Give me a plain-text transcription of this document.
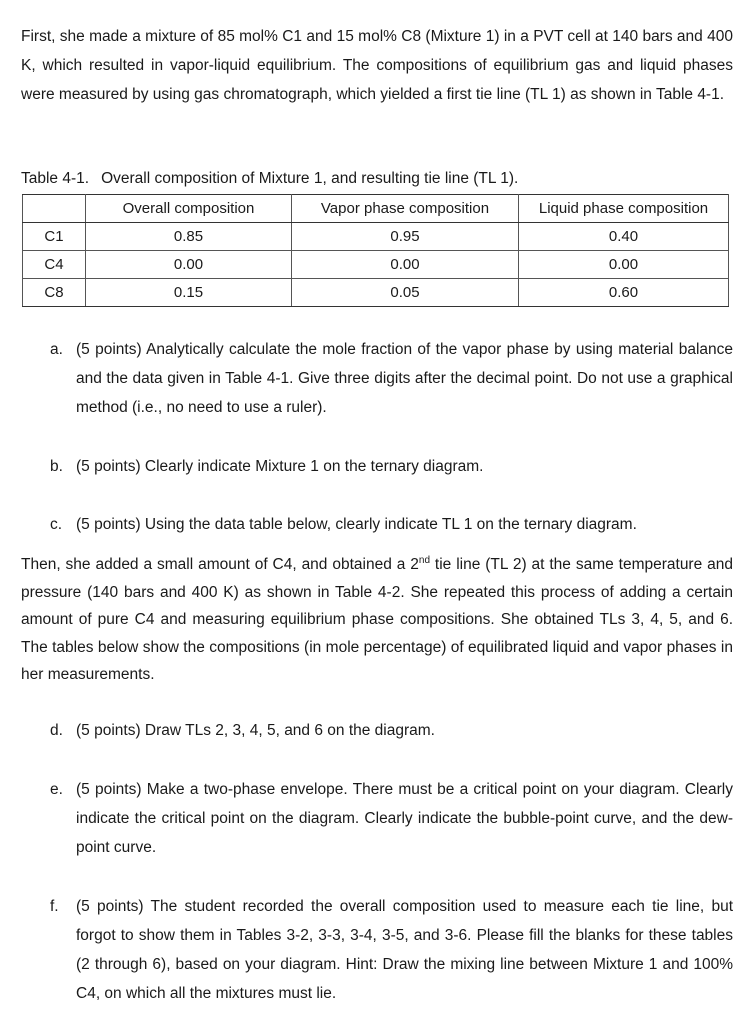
First, she made a mixture of 85 mol% C1 and 15 mol% C8 (Mixture 1) in a PVT cell at 140 bars and 400 K, which resulted in vapor-liquid equilibrium. The compositions of equilibrium gas and liquid phases were measured by using gas chromatograph, which yielded a first tie line (TL 1) as shown in Table 4-1.

Table 4-1. Overall composition of Mixture 1, and resulting tie line (TL 1).

	Overall composition	Vapor phase composition	Liquid phase composition
C1	0.85	0.95	0.40
C4	0.00	0.00	0.00
C8	0.15	0.05	0.60
a. (5 points) Analytically calculate the mole fraction of the vapor phase by using material balance and the data given in Table 4-1. Give three digits after the decimal point. Do not use a graphical method (i.e., no need to use a ruler).
b. (5 points) Clearly indicate Mixture 1 on the ternary diagram.
c. (5 points) Using the data table below, clearly indicate TL 1 on the ternary diagram.

Then, she added a small amount of C4, and obtained a 2nd tie line (TL 2) at the same temperature and pressure (140 bars and 400 K) as shown in Table 4-2. She repeated this process of adding a certain amount of pure C4 and measuring equilibrium phase compositions. She obtained TLs 3, 4, 5, and 6. The tables below show the compositions (in mole percentage) of equilibrated liquid and vapor phases in her measurements.

d. (5 points) Draw TLs 2, 3, 4, 5, and 6 on the diagram.
e. (5 points) Make a two-phase envelope. There must be a critical point on your diagram. Clearly indicate the critical point on the diagram. Clearly indicate the bubble-point curve, and the dew-point curve.
f.	(5 points) The student recorded the overall composition used to measure each tie line, but forgot to show them in Tables 3-2, 3-3, 3-4, 3-5, and 3-6. Please fill the blanks for these tables (2 through 6), based on your diagram. Hint: Draw the mixing line between Mixture 1 and 100% C4, on which all the mixtures must lie.
